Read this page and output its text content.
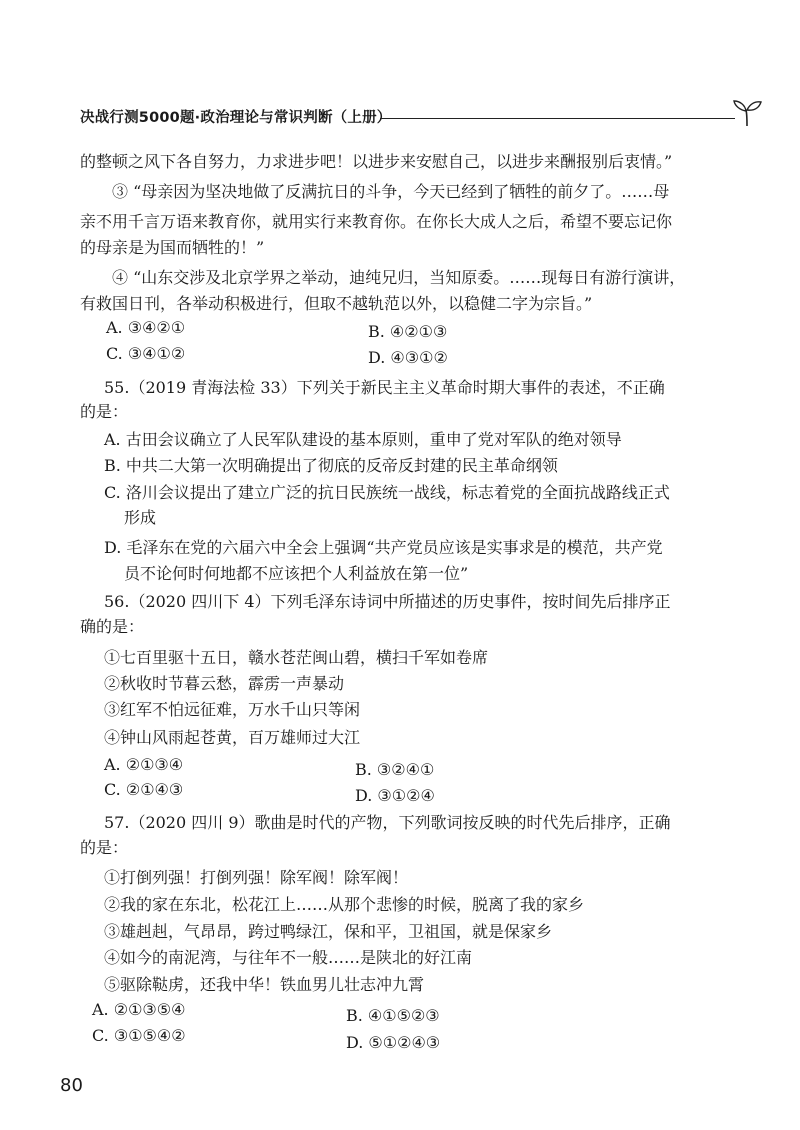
决战行测5000题·政治理论与常识判断（上册）
的整顿之风下各自努力，力求进步吧！以进步来安慰自己，以进步来酬报别后衷情。”
③ “母亲因为坚决地做了反满抗日的斗争，今天已经到了牺牲的前夕了。……母
亲不用千言万语来教育你，就用实行来教育你。在你长大成人之后，希望不要忘记你
的母亲是为国而牺牲的！”
④ “山东交涉及北京学界之举动，迪纯兄归，当知原委。……现每日有游行演讲，
有救国日刊，各举动积极进行，但取不越轨范以外，以稳健二字为宗旨。”
A. ③④②①	B. ④②①③
C. ③④①②	D. ④③①②
55.（2019 青海法检 33）下列关于新民主主义革命时期大事件的表述，不正确
的是：
A. 古田会议确立了人民军队建设的基本原则，重申了党对军队的绝对领导
B. 中共二大第一次明确提出了彻底的反帝反封建的民主革命纲领
C. 洛川会议提出了建立广泛的抗日民族统一战线，标志着党的全面抗战路线正式
形成
D. 毛泽东在党的六届六中全会上强调“共产党员应该是实事求是的模范，共产党
员不论何时何地都不应该把个人利益放在第一位”
56.（2020 四川下 4）下列毛泽东诗词中所描述的历史事件，按时间先后排序正
确的是：
①七百里驱十五日，赣水苍茫闽山碧，横扫千军如卷席
②秋收时节暮云愁，霹雳一声暴动
③红军不怕远征难，万水千山只等闲
④钟山风雨起苍黄，百万雄师过大江
A. ②①③④	B. ③②④①
C. ②①④③	D. ③①②④
57.（2020 四川 9）歌曲是时代的产物，下列歌词按反映的时代先后排序，正确
的是：
①打倒列强！打倒列强！除军阀！除军阀！
②我的家在东北，松花江上……从那个悲惨的时候，脱离了我的家乡
③雄赳赳，气昂昂，跨过鸭绿江，保和平，卫祖国，就是保家乡
④如今的南泥湾，与往年不一般……是陕北的好江南
⑤驱除鞑虏，还我中华！铁血男儿壮志冲九霄
A. ②①③⑤④	B. ④①⑤②③
C. ③①⑤④②	D. ⑤①②④③
80
